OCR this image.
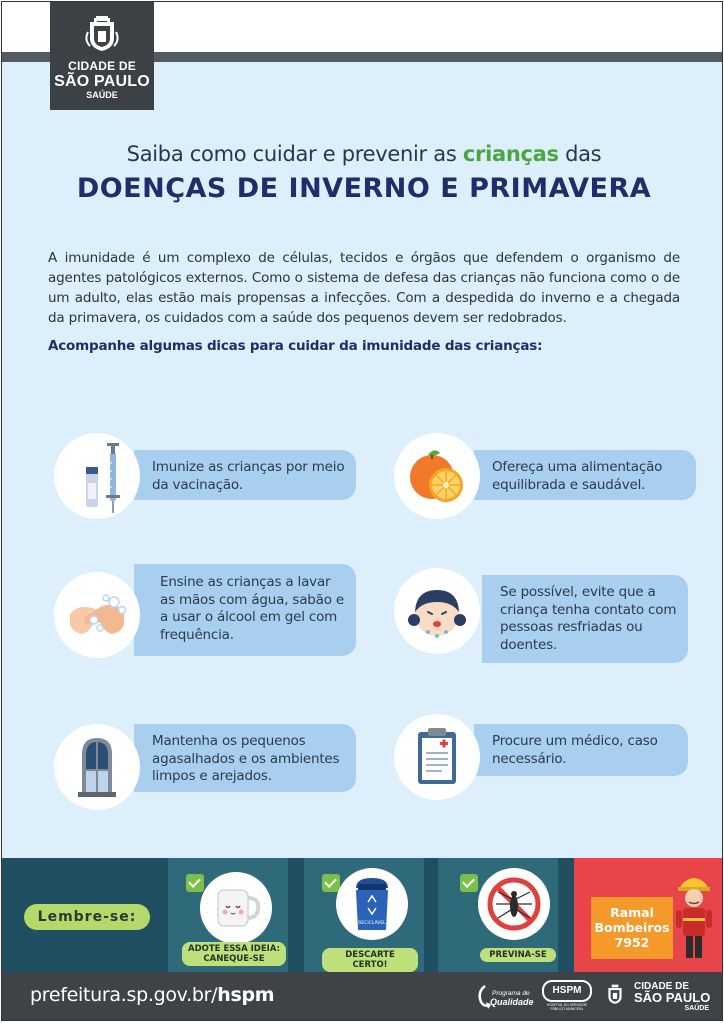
CIDADE DE
SÃO PAULO
SAÚDE
Saiba como cuidar e prevenir as crianças das
DOENÇAS DE INVERNO E PRIMAVERA
A imunidade é um complexo de células, tecidos e órgãos que defendem o organismo de agentes patológicos externos. Como o sistema de defesa das crianças não funciona como o de um adulto, elas estão mais propensas a infecções. Com a despedida do inverno e a chegada da primavera, os cuidados com a saúde dos pequenos devem ser redobrados.
Acompanhe algumas dicas para cuidar da imunidade das crianças:
Imunize as crianças por meio da vacinação.
Ofereça uma alimentação equilibrada e saudável.
Ensine as crianças a lavar as mãos com água, sabão e a usar o álcool em gel com frequência.
Se possível, evite que a criança tenha contato com pessoas resfriadas ou doentes.
Mantenha os pequenos agasalhados e os ambientes limpos e arejados.
Procure um médico, caso necessário.
Lembre-se:
ADOTE ESSA IDEIA: CANEQUE-SE
RECICLÁVEL
DESCARTE CERTO!
PREVINA-SE
Ramal Bombeiros 7952
prefeitura.sp.gov.br/hspm	Programa de
Qualidade
HSPM
HOSPITAL DO SERVIDOR PÚBLICO MUNICIPAL
CIDADE DE
SÃO PAULO
SAÚDE
